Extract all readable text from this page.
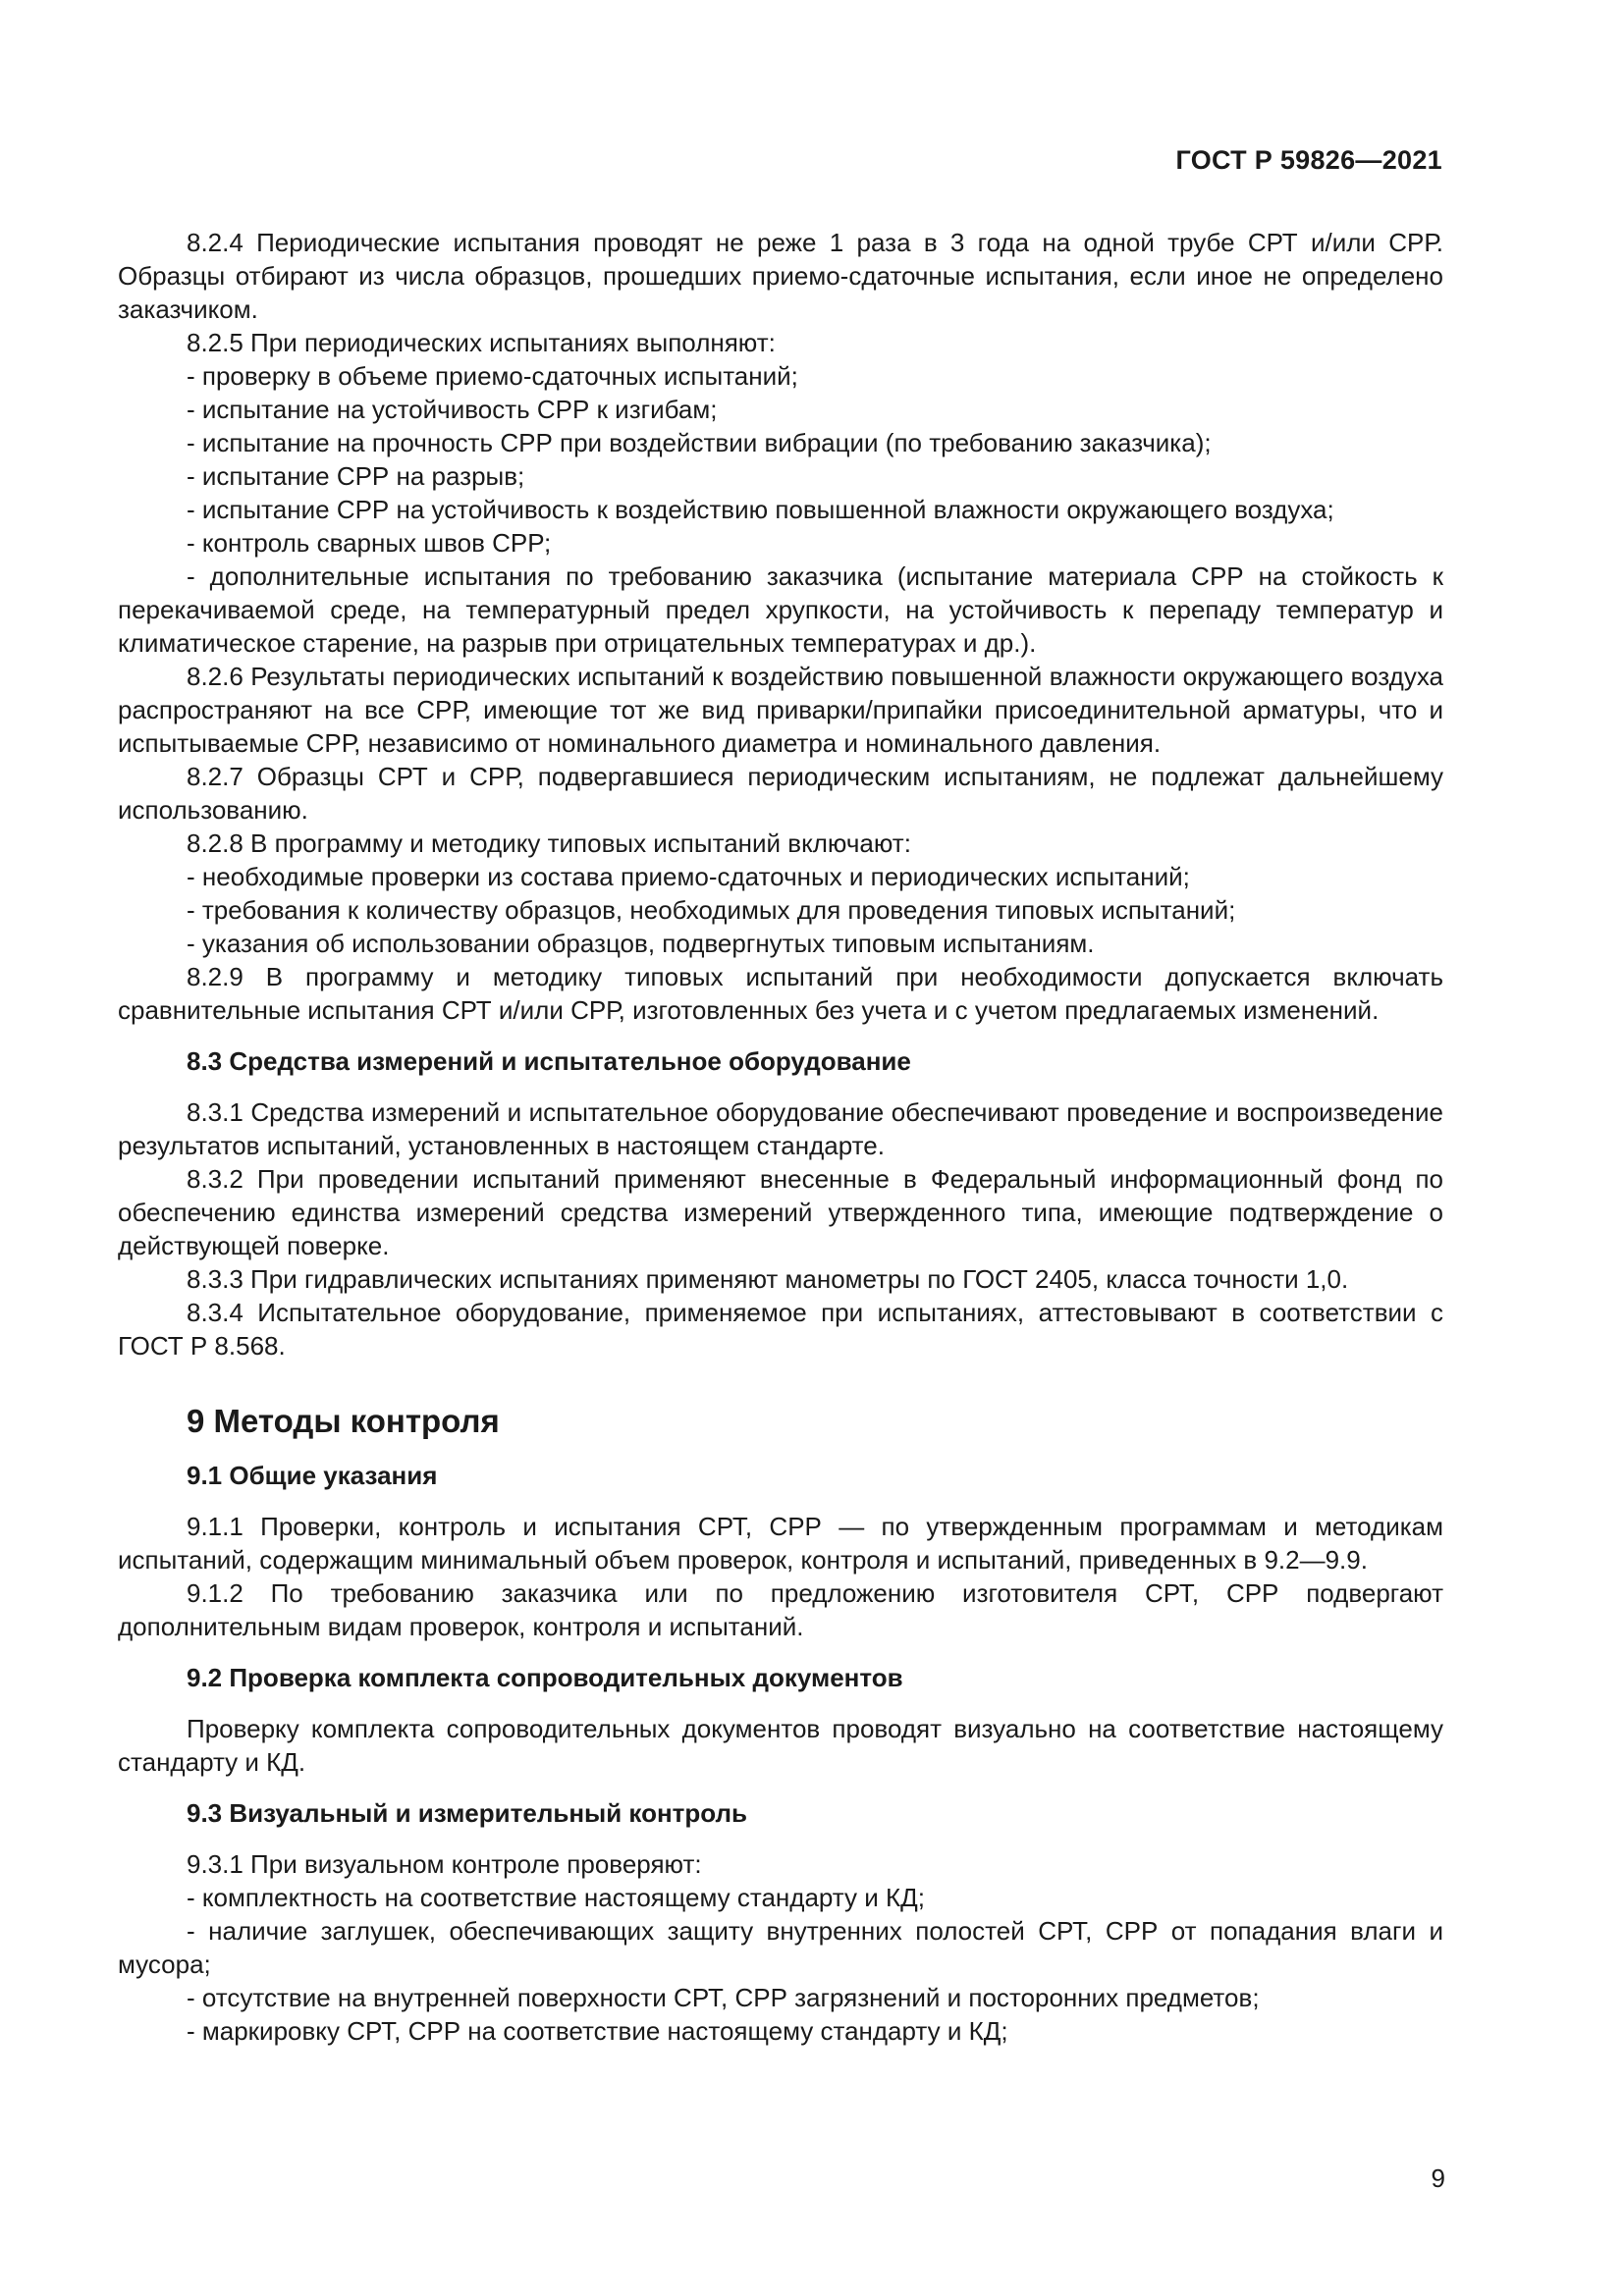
ГОСТ Р 59826—2021

8.2.4 Периодические испытания проводят не реже 1 раза в 3 года на одной трубе СРТ и/или СРР. Образцы отбирают из числа образцов, прошедших приемо-сдаточные испытания, если иное не определено заказчиком.

8.2.5 При периодических испытаниях выполняют:

- проверку в объеме приемо-сдаточных испытаний;

- испытание на устойчивость СРР к изгибам;

- испытание на прочность СРР при воздействии вибрации (по требованию заказчика);

- испытание СРР на разрыв;

- испытание СРР на устойчивость к воздействию повышенной влажности окружающего воздуха;

- контроль сварных швов СРР;

- дополнительные испытания по требованию заказчика (испытание материала СРР на стойкость к перекачиваемой среде, на температурный предел хрупкости, на устойчивость к перепаду температур и климатическое старение, на разрыв при отрицательных температурах и др.).

8.2.6 Результаты периодических испытаний к воздействию повышенной влажности окружающего воздуха распространяют на все СРР, имеющие тот же вид приварки/припайки присоединительной арматуры, что и испытываемые СРР, независимо от номинального диаметра и номинального давления.

8.2.7 Образцы СРТ и СРР, подвергавшиеся периодическим испытаниям, не подлежат дальнейшему использованию.

8.2.8 В программу и методику типовых испытаний включают:

- необходимые проверки из состава приемо-сдаточных и периодических испытаний;

- требования к количеству образцов, необходимых для проведения типовых испытаний;

- указания об использовании образцов, подвергнутых типовым испытаниям.

8.2.9 В программу и методику типовых испытаний при необходимости допускается включать сравнительные испытания СРТ и/или СРР, изготовленных без учета и с учетом предлагаемых изменений.

8.3 Средства измерений и испытательное оборудование

8.3.1 Средства измерений и испытательное оборудование обеспечивают проведение и воспроизведение результатов испытаний, установленных в настоящем стандарте.

8.3.2 При проведении испытаний применяют внесенные в Федеральный информационный фонд по обеспечению единства измерений средства измерений утвержденного типа, имеющие подтверждение о действующей поверке.

8.3.3 При гидравлических испытаниях применяют манометры по ГОСТ 2405, класса точности 1,0.

8.3.4 Испытательное оборудование, применяемое при испытаниях, аттестовывают в соответствии с ГОСТ Р 8.568.

9 Методы контроля

9.1 Общие указания

9.1.1 Проверки, контроль и испытания СРТ, СРР — по утвержденным программам и методикам испытаний, содержащим минимальный объем проверок, контроля и испытаний, приведенных в 9.2—9.9.

9.1.2 По требованию заказчика или по предложению изготовителя СРТ, СРР подвергают дополнительным видам проверок, контроля и испытаний.

9.2 Проверка комплекта сопроводительных документов

Проверку комплекта сопроводительных документов проводят визуально на соответствие настоящему стандарту и КД.

9.3 Визуальный и измерительный контроль

9.3.1 При визуальном контроле проверяют:

- комплектность на соответствие настоящему стандарту и КД;

- наличие заглушек, обеспечивающих защиту внутренних полостей СРТ, СРР от попадания влаги и мусора;

- отсутствие на внутренней поверхности СРТ, СРР загрязнений и посторонних предметов;

- маркировку СРТ, СРР на соответствие настоящему стандарту и КД;

9
